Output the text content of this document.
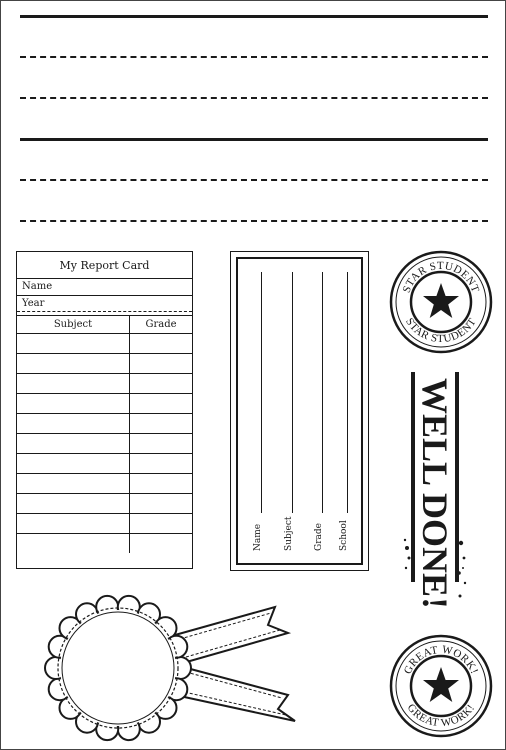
My Report Card
Name
Year
Subject	Grade

Name Subject Grade School
STAR STUDENT
STAR STUDENT
WELL DONE!
GREAT WORK!
GREAT WORK!
